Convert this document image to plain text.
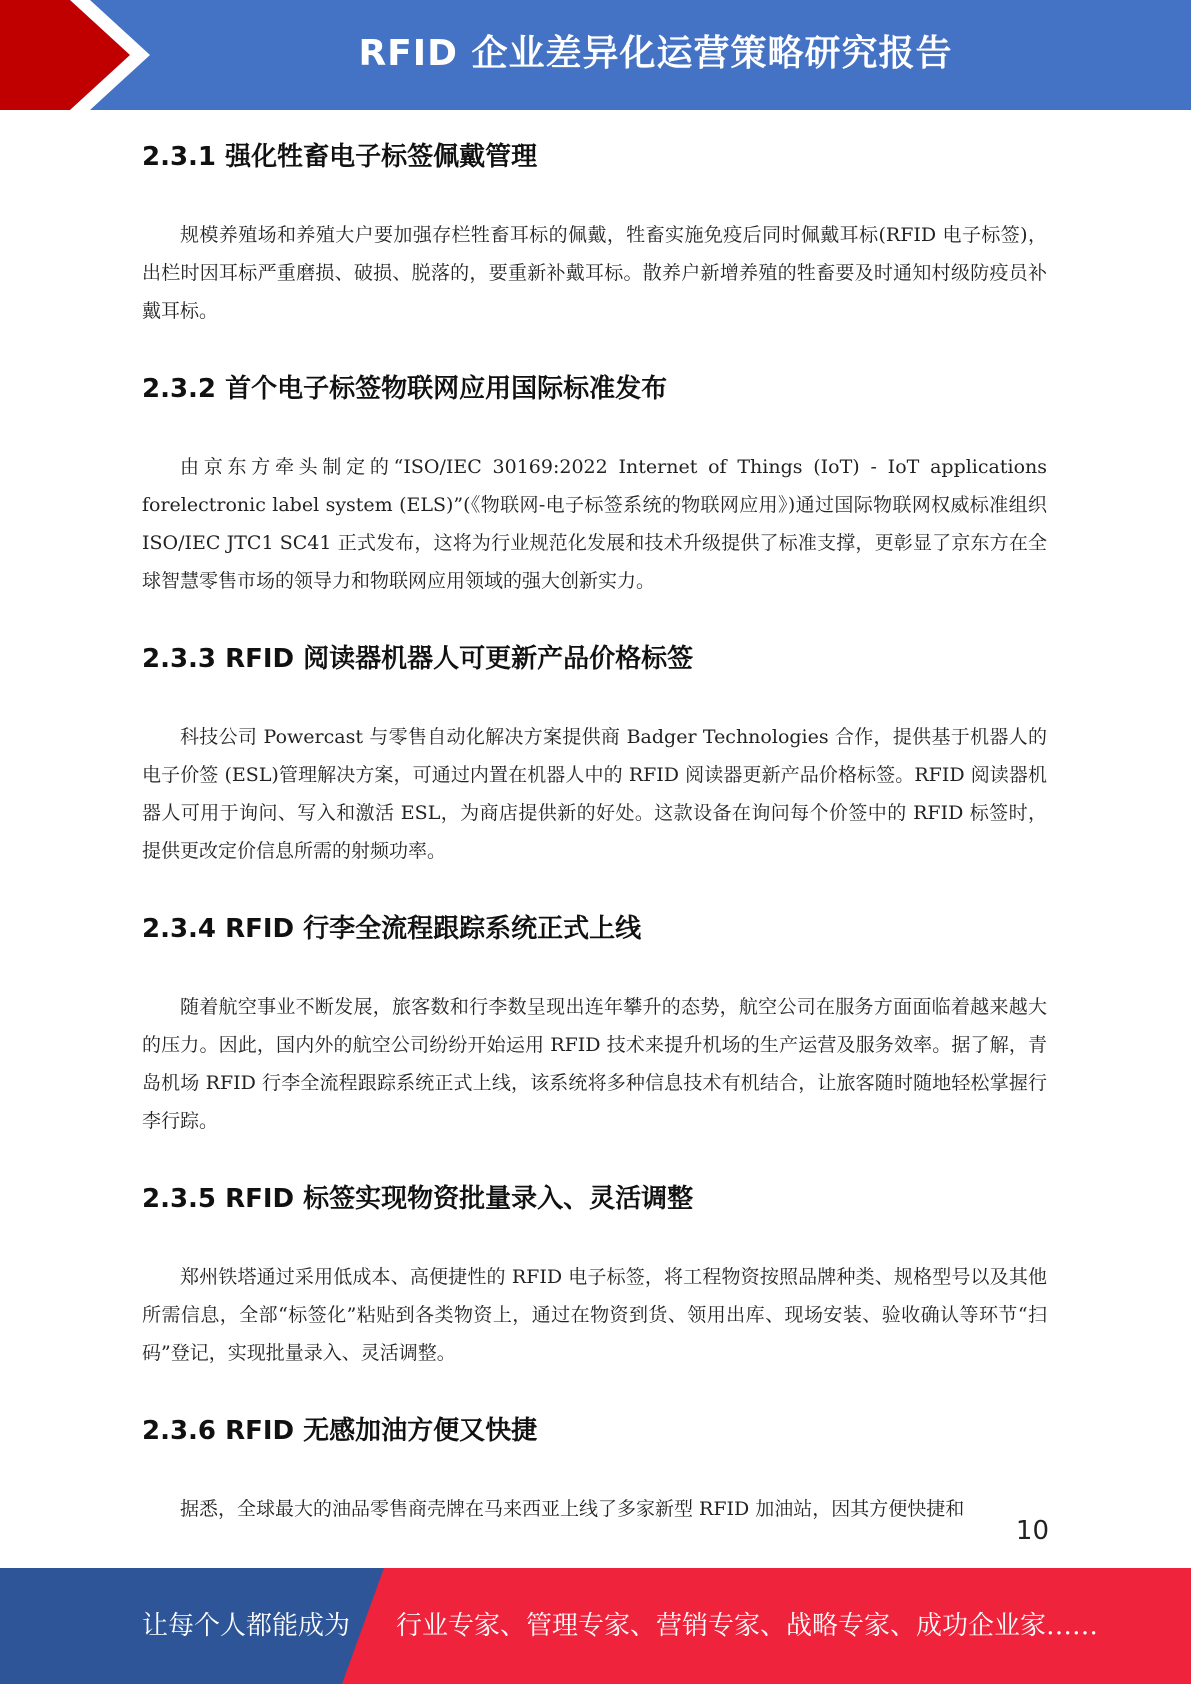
RFID 企业差异化运营策略研究报告
2.3.1 强化牲畜电子标签佩戴管理

规模养殖场和养殖大户要加强存栏牲畜耳标的佩戴，牲畜实施免疫后同时佩戴耳标(RFID 电子标签)，出栏时因耳标严重磨损、破损、脱落的，要重新补戴耳标。散养户新增养殖的牲畜要及时通知村级防疫员补戴耳标。

2.3.2 首个电子标签物联网应用国际标准发布

由京东方牵头制定的“ISO/IEC 30169:2022 Internet of Things (IoT) - IoT applications forelectronic label system (ELS)”(《物联网-电子标签系统的物联网应用》)通过国际物联网权威标准组织 ISO/IEC JTC1 SC41 正式发布，这将为行业规范化发展和技术升级提供了标准支撑，更彰显了京东方在全球智慧零售市场的领导力和物联网应用领域的强大创新实力。

2.3.3 RFID 阅读器机器人可更新产品价格标签

科技公司 Powercast 与零售自动化解决方案提供商 Badger Technologies 合作，提供基于机器人的电子价签 (ESL)管理解决方案，可通过内置在机器人中的 RFID 阅读器更新产品价格标签。RFID 阅读器机器人可用于询问、写入和激活 ESL，为商店提供新的好处。这款设备在询问每个价签中的 RFID 标签时，提供更改定价信息所需的射频功率。

2.3.4 RFID 行李全流程跟踪系统正式上线

随着航空事业不断发展，旅客数和行李数呈现出连年攀升的态势，航空公司在服务方面面临着越来越大的压力。因此，国内外的航空公司纷纷开始运用 RFID 技术来提升机场的生产运营及服务效率。据了解，青岛机场 RFID 行李全流程跟踪系统正式上线，该系统将多种信息技术有机结合，让旅客随时随地轻松掌握行李行踪。

2.3.5 RFID 标签实现物资批量录入、灵活调整

郑州铁塔通过采用低成本、高便捷性的 RFID 电子标签，将工程物资按照品牌种类、规格型号以及其他所需信息，全部“标签化”粘贴到各类物资上，通过在物资到货、领用出库、现场安装、验收确认等环节“扫码”登记，实现批量录入、灵活调整。

2.3.6 RFID 无感加油方便又快捷

据悉，全球最大的油品零售商壳牌在马来西亚上线了多家新型 RFID 加油站，因其方便快捷和

10
让每个人都能成为 行业专家、管理专家、营销专家、战略专家、成功企业家……
